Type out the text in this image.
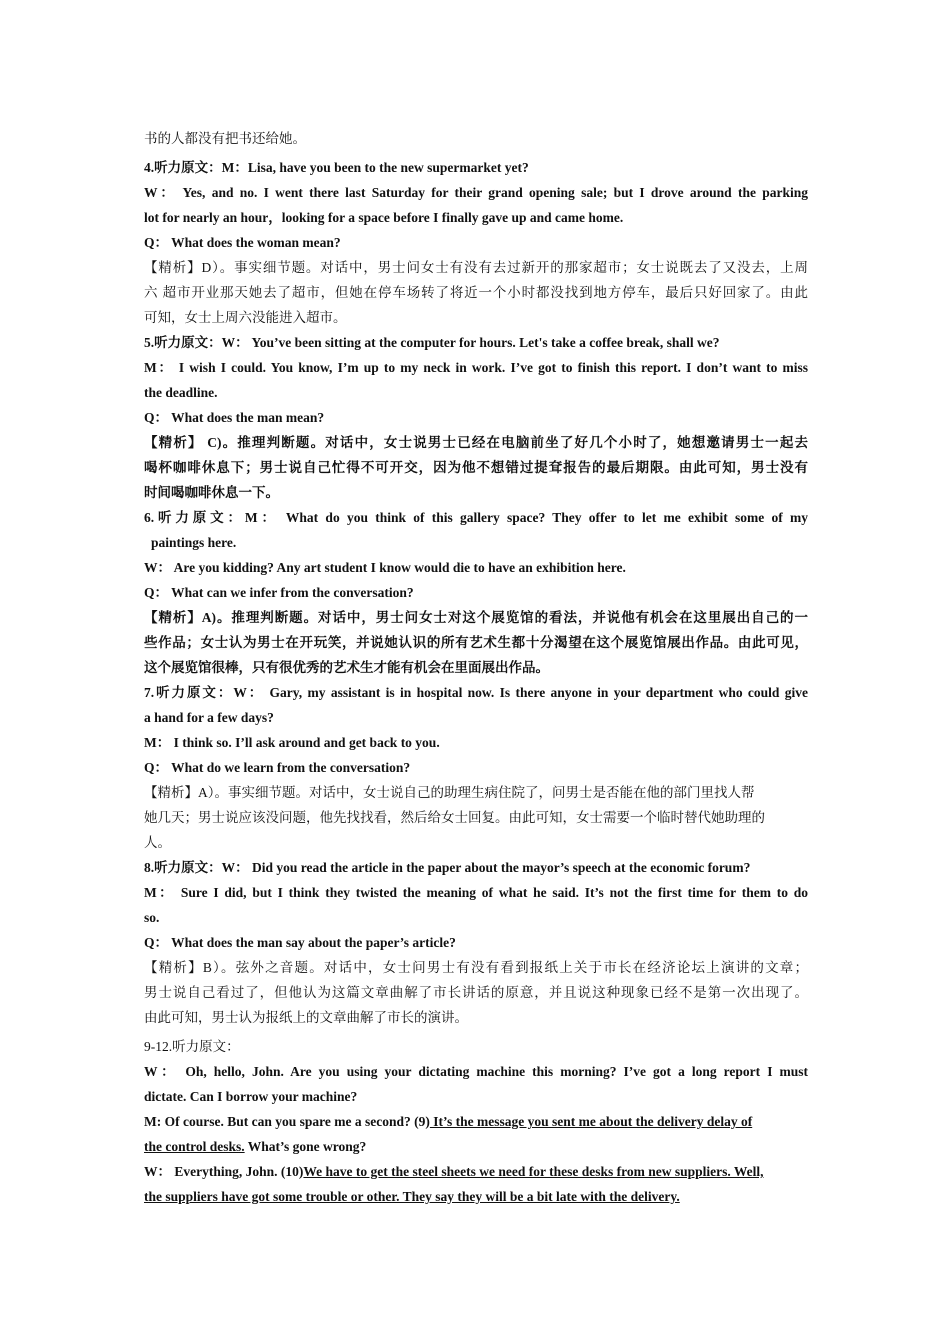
书的人都没有把书还给她。
4.听力原文：M：Lisa, have you been to the new supermarket yet?
W： Yes, and no. I went there last Saturday for their grand opening sale; but I drove around the parking
lot for nearly an hour，looking for a space before I finally gave up and came home.
Q： What does the woman mean?
【精析】D）。事实细节题。对话中，男士问女士有没有去过新开的那家超市；女士说既去了又没去，上周
六 超市开业那天她去了超市，但她在停车场转了将近一个小时都没找到地方停车，最后只好回家了。由此
可知，女士上周六没能进入超市。
5.听力原文：W： You’ve been sitting at the computer for hours. Let's take a coffee break, shall we?
M： I wish I could. You know, I’m up to my neck in work. I’ve got to finish this report. I don’t want to miss
the deadline.
Q： What does the man mean?
【精析】 C)。推理判断题。对话中，女士说男士已经在电脑前坐了好几个小时了，她想邀请男士一起去
喝杯咖啡休息下；男士说自己忙得不可开交，因为他不想错过提耷报告的最后期限。由此可知，男士没有
时间喝咖啡休息一下。
6.听力原文：M： What do you think of this gallery space? They offer to let me exhibit some of my
paintings here.
W： Are you kidding? Any art student I know would die to have an exhibition here.
Q： What can we infer from the conversation?
【精析】A)。推理判断题。对话中，男士问女士对这个展览馆的看法，并说他有机会在这里展出自己的一
些作品；女士认为男士在开玩笑，并说她认识的所有艺术生都十分渴望在这个展览馆展出作品。由此可见，
这个展览馆很棒，只有很优秀的艺术生才能有机会在里面展出作品。
7.听力原文：W： Gary, my assistant is in hospital now. Is there anyone in your department who could give
a hand for a few days?
M： I think so. I’ll ask around and get back to you.
Q： What do we learn from the conversation?
【精析】A）。事实细节题。对话中，女士说自己的助理生病住院了，问男士是否能在他的部门里找人帮
她几天；男士说应该没问题，他先找找看，然后给女士回复。由此可知，女士需要一个临时替代她助理的
人。
8.听力原文：W： Did you read the article in the paper about the mayor’s speech at the economic forum?
M： Sure I did, but I think they twisted the meaning of what he said. It’s not the first time for them to do
so.
Q： What does the man say about the paper’s article?
【精析】B）。弦外之音题。对话中，女士问男士有没有看到报纸上关于市长在经济论坛上演讲的文章；
男士说自己看过了，但他认为这篇文章曲解了市长讲话的原意，并且说这种现象已经不是第一次出现了。
由此可知，男士认为报纸上的文章曲解了市长的演讲。
9-12.听力原文：
W： Oh, hello, John. Are you using your dictating machine this morning? I’ve got a long report I must
dictate. Can I borrow your machine?
M: Of course. But can you spare me a second? (9) It’s the message you sent me about the delivery delay of
the control desks. What’s gone wrong?
W： Everything, John. (10)We have to get the steel sheets we need for these desks from new suppliers. Well,
the suppliers have got some trouble or other. They say they will be a bit late with the delivery.
